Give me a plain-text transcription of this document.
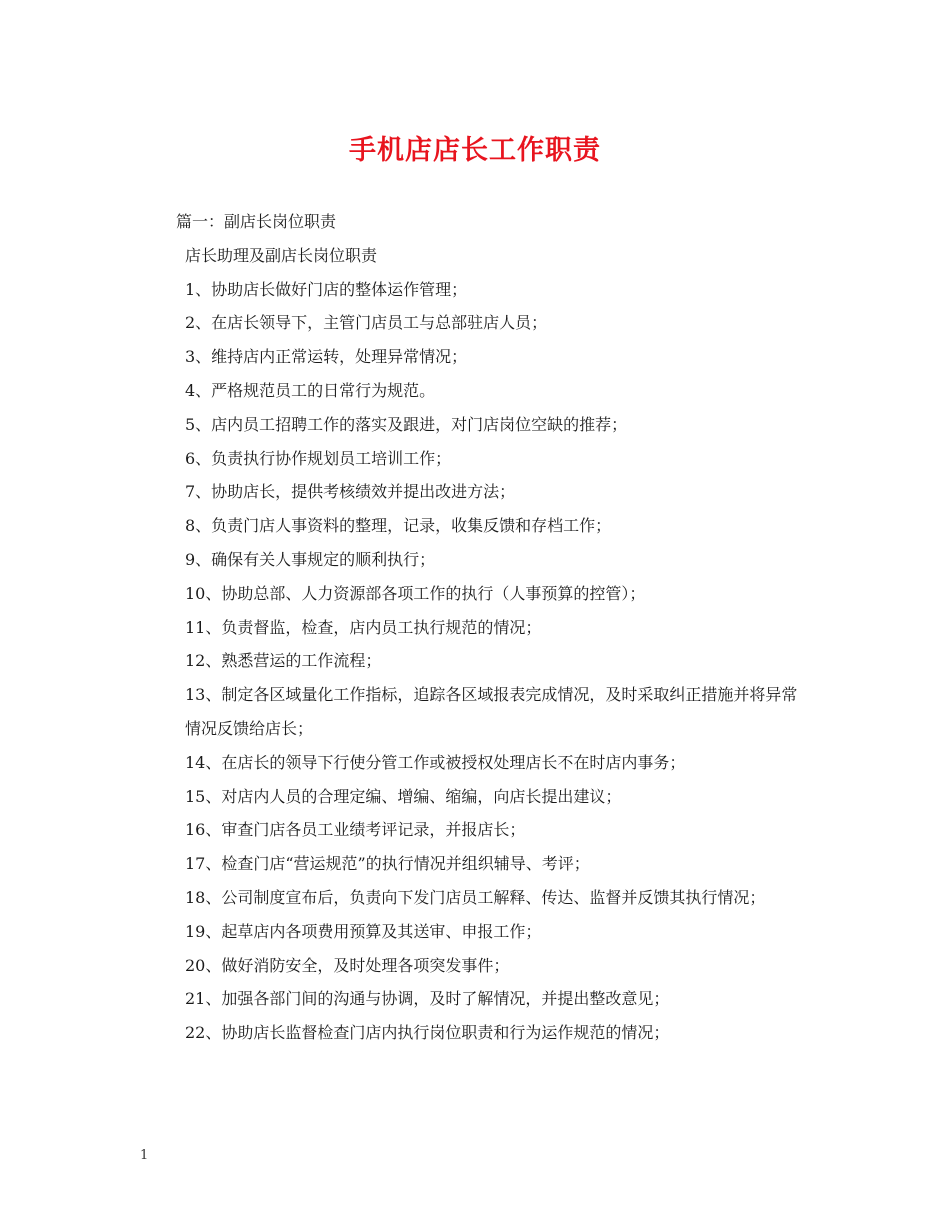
手机店店长工作职责

篇一：副店长岗位职责

店长助理及副店长岗位职责

1、协助店长做好门店的整体运作管理；

2、在店长领导下，主管门店员工与总部驻店人员；

3、维持店内正常运转，处理异常情况；

4、严格规范员工的日常行为规范。

5、店内员工招聘工作的落实及跟进，对门店岗位空缺的推荐；

6、负责执行协作规划员工培训工作；

7、协助店长，提供考核绩效并提出改进方法；

8、负责门店人事资料的整理，记录，收集反馈和存档工作；

9、确保有关人事规定的顺利执行；

10、协助总部、人力资源部各项工作的执行（人事预算的控管）；

11、负责督监，检查，店内员工执行规范的情况；

12、熟悉营运的工作流程；

13、制定各区域量化工作指标，追踪各区域报表完成情况，及时采取纠正措施并将异常

情况反馈给店长；

14、在店长的领导下行使分管工作或被授权处理店长不在时店内事务；

15、对店内人员的合理定编、增编、缩编，向店长提出建议；

16、审查门店各员工业绩考评记录，并报店长；

17、检查门店“营运规范”的执行情况并组织辅导、考评；

18、公司制度宣布后，负责向下发门店员工解释、传达、监督并反馈其执行情况；

19、起草店内各项费用预算及其送审、申报工作；

20、做好消防安全，及时处理各项突发事件；

21、加强各部门间的沟通与协调，及时了解情况，并提出整改意见；

22、协助店长监督检查门店内执行岗位职责和行为运作规范的情况；

1
